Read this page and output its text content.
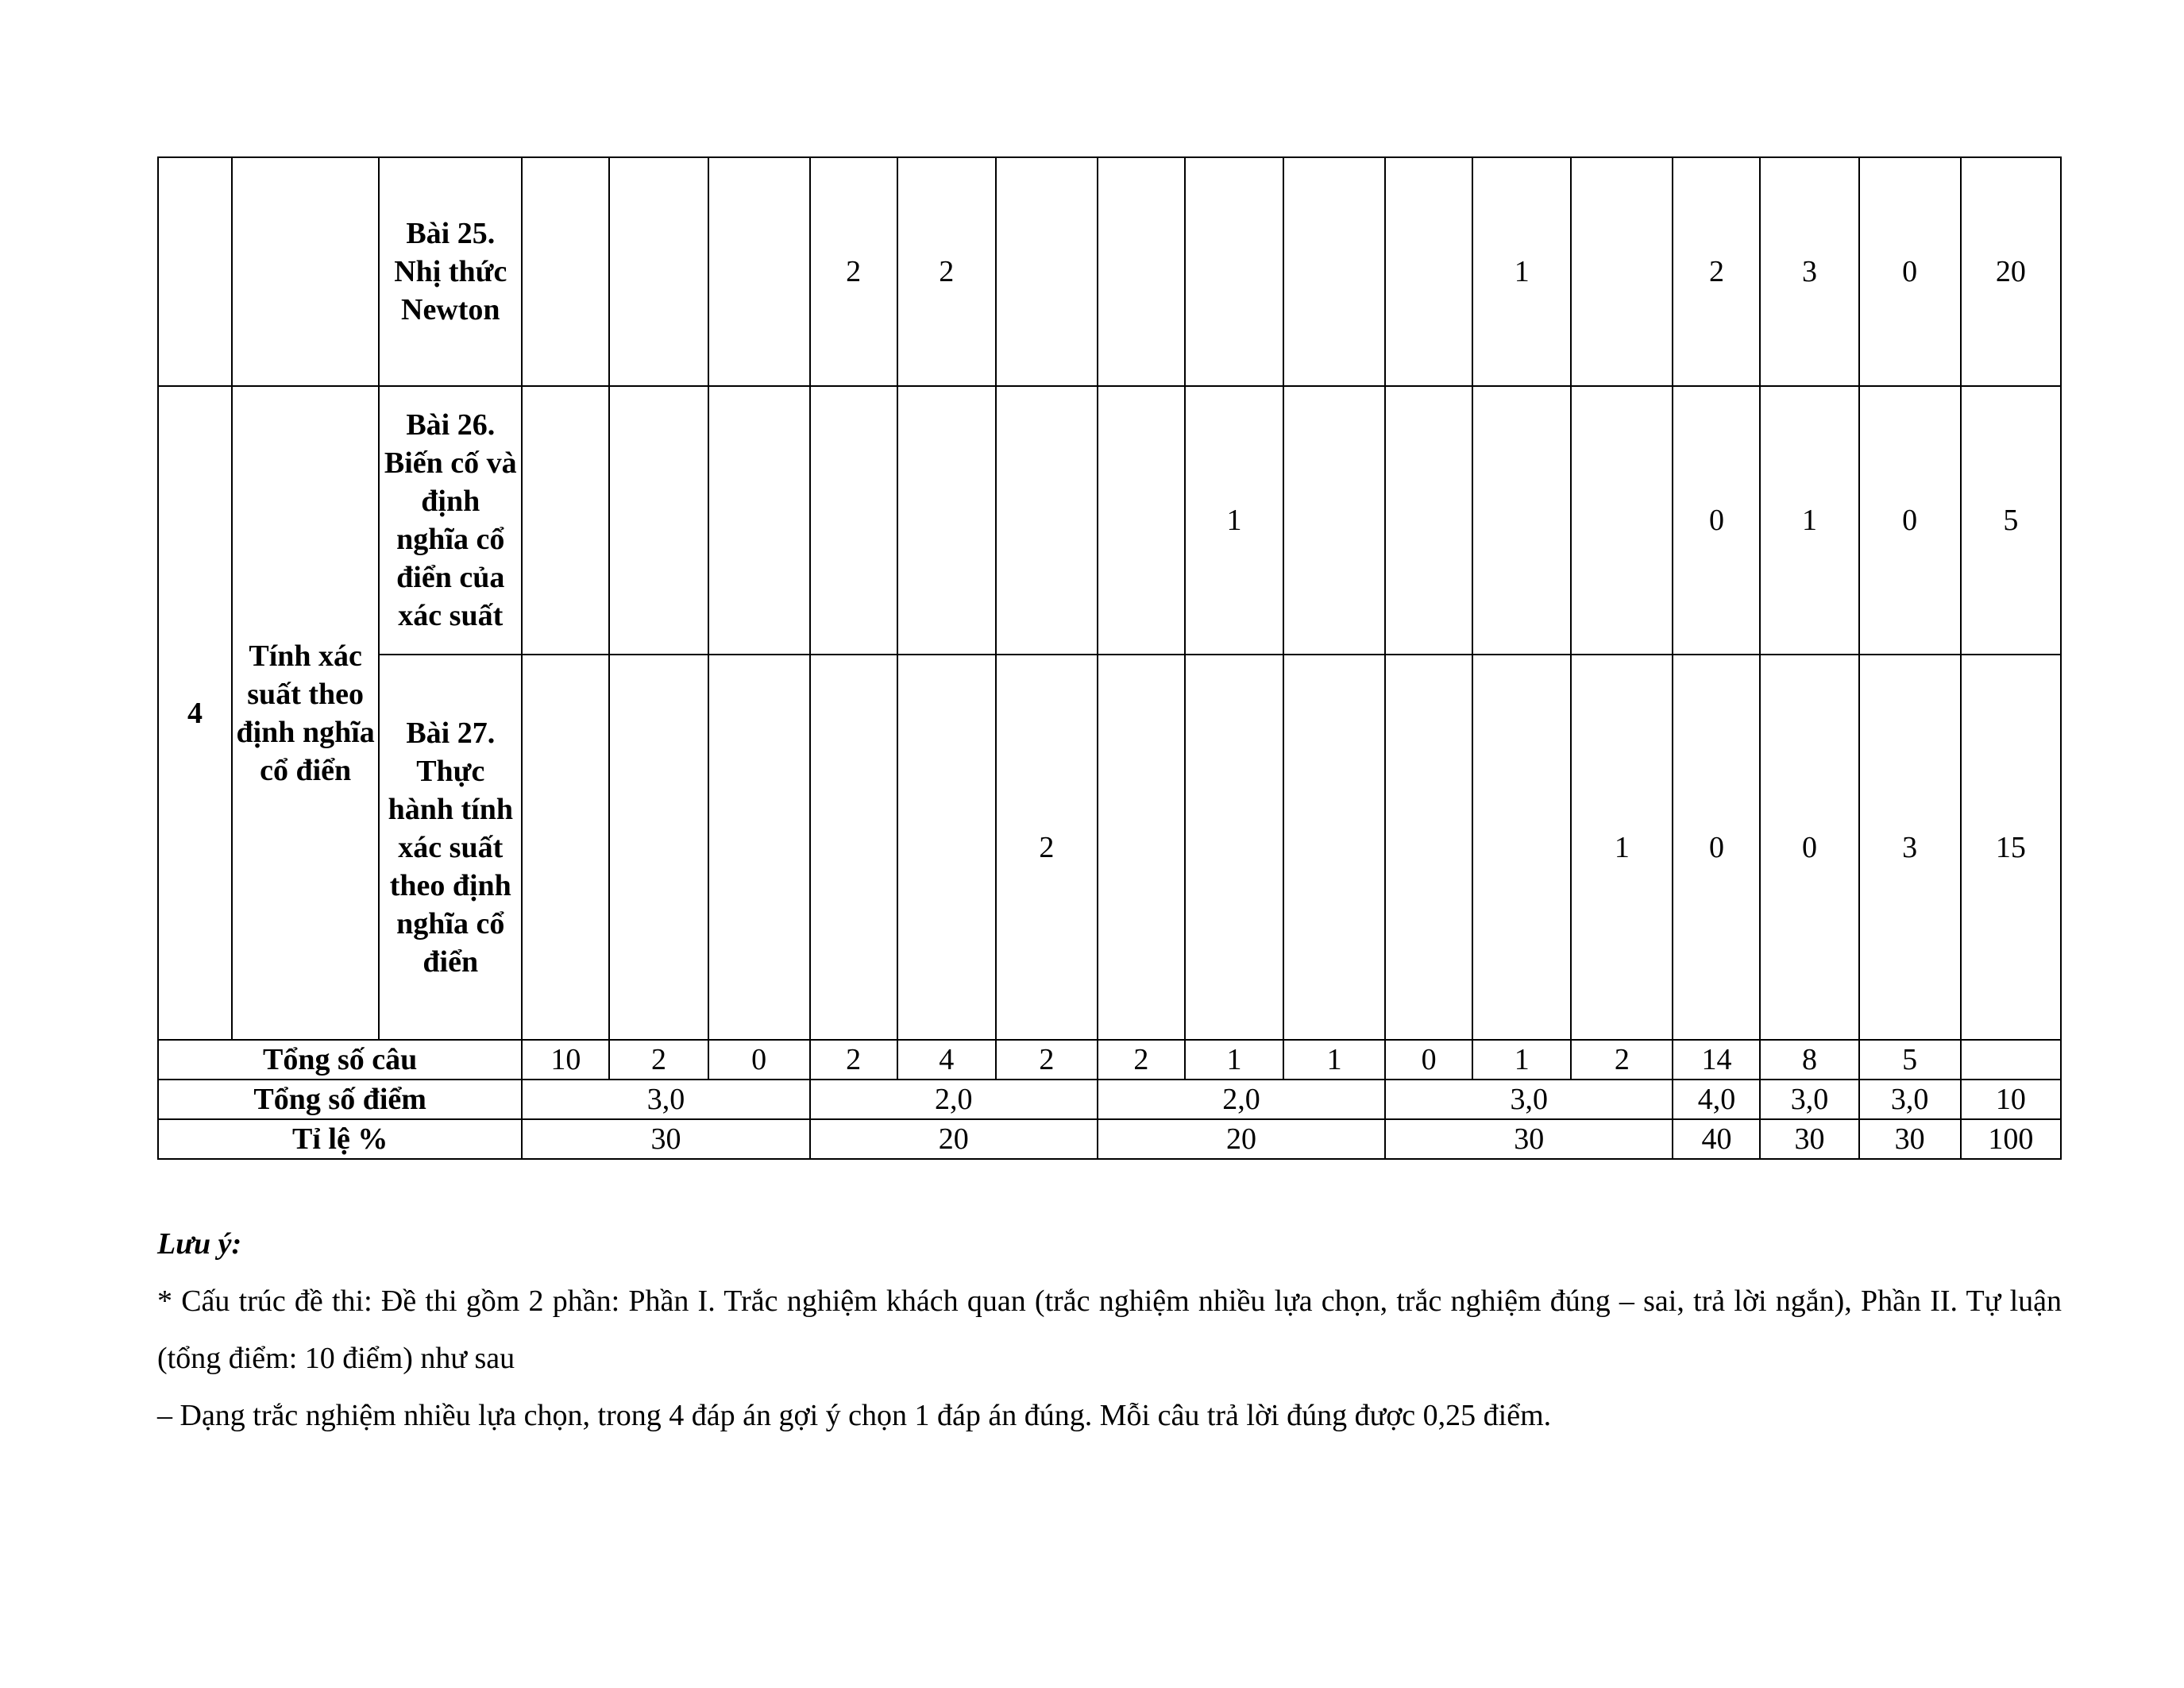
		Bài 25. Nhị thức Newton				2	2						1		2	3	0	20
4	Tính xác suất theo định nghĩa cổ điển	Bài 26. Biến cố và định nghĩa cổ điển của xác suất								1					0	1	0	5
		Bài 27. Thực hành tính xác suất theo định nghĩa cổ điển						2						1	0	0	3	15
Tổng số câu			10	2	0	2	4	2	2	1	1	0	1	2	14	8	5	
Tổng số điểm			3,0			2,0			2,0			3,0			4,0	3,0	3,0	10
Tỉ lệ %			30			20			20			30			40	30	30	100

Lưu ý:

* Cấu trúc đề thi: Đề thi gồm 2 phần: Phần I. Trắc nghiệm khách quan (trắc nghiệm nhiều lựa chọn, trắc nghiệm đúng – sai, trả lời ngắn), Phần II. Tự luận (tổng điểm: 10 điểm) như sau

– Dạng trắc nghiệm nhiều lựa chọn, trong 4 đáp án gợi ý chọn 1 đáp án đúng. Mỗi câu trả lời đúng được 0,25 điểm.
